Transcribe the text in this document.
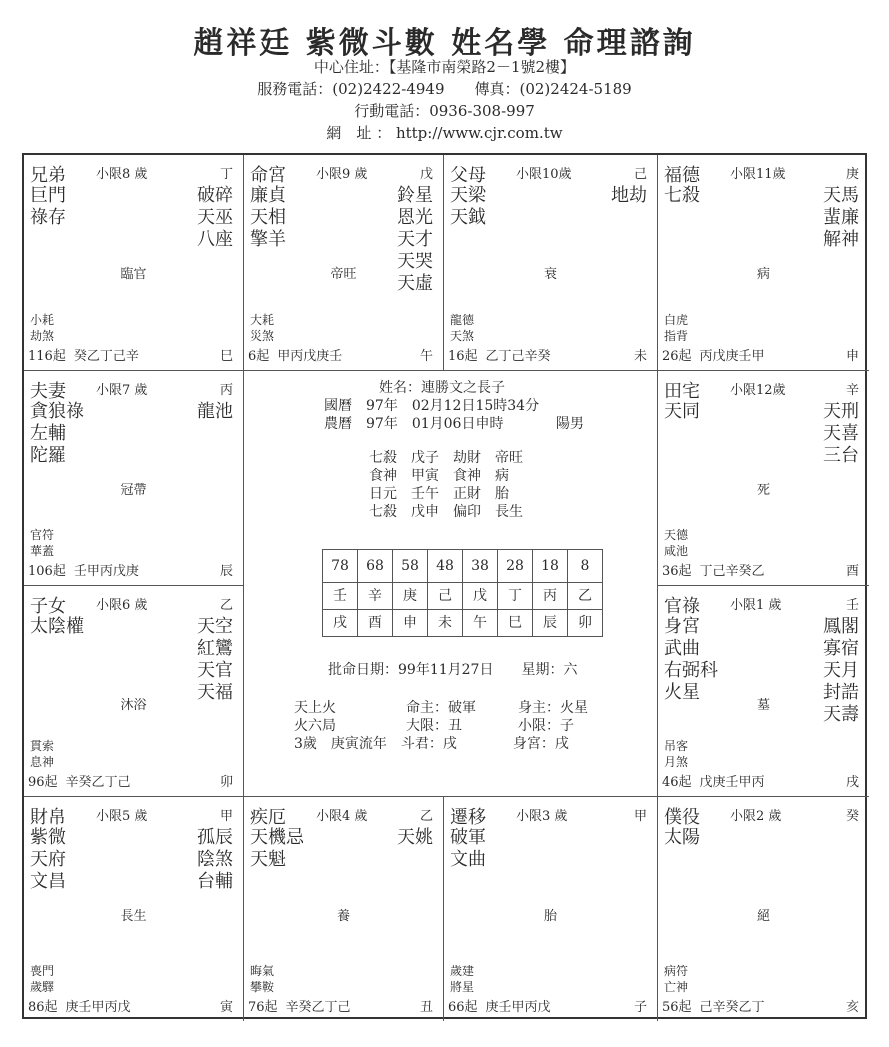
趙祥廷 紫微斗數 姓名學 命理諮詢
中心住址：【基隆市南榮路2－1號2樓】
服務電話：(02)2422-4949　　傳真：(02)2424-5189
行動電話：0936-308-997
網　址 ： http://www.cjr.com.tw
姓名：連勝文之長子
國曆　97年　02月12日15時34分
農曆　97年　01月06日申時	陽男
七殺 戊子 劫財 帝旺
食神 甲寅 食神 病
日元 壬午 正財 胎
七殺 戊申 偏印 長生
78	68	58	48	38	28	18	8
壬	辛	庚	己	戊	丁	丙	乙
戌	酉	申	未	午	巳	辰	卯
批命日期：99年11月27日　　星期：六
天上火　　　　　命主：破軍　　　身主：火星
火六局　　　　　大限：丑　　　　小限：子
3歲　庚寅流年　斗君：戌　　　　身宮：戌
兄弟 小限8 歲	丁
巨門
祿存
破碎
天巫
八座
臨官
小耗
劫煞
116起 癸乙丁己辛	巳
命宮 小限9 歲	戊
廉貞
天相
擎羊
鈴星
恩光
天才
天哭
天虛
帝旺
大耗
災煞
6起 甲丙戊庚壬	午
父母 小限10歲	己
天梁
天鉞
地劫
衰
龍德
天煞
16起 乙丁己辛癸	未
福德 小限11歲	庚
七殺	天馬
蜚廉
解神
病
白虎
指背
26起 丙戊庚壬甲	申
夫妻 小限7 歲	丙
貪狼祿
左輔
陀羅
龍池
冠帶
官符
華蓋
106起 壬甲丙戊庚	辰
田宅 小限12歲	辛
天同	天刑
天喜
三台
死
天德
咸池
36起 丁己辛癸乙	酉
子女 小限6 歲	乙
太陰權	天空
紅鸞
天官
天福
沐浴
貫索
息神
96起 辛癸乙丁己	卯
官祿 小限1 歲	壬
身宮
武曲
右弼科
火星
鳳閣
寡宿
天月
封誥
天壽
墓
吊客
月煞
46起 戊庚壬甲丙	戌
財帛 小限5 歲	甲
紫微
天府
文昌
孤辰
陰煞
台輔
長生
喪門
歲驛
86起 庚壬甲丙戊	寅
疾厄 小限4 歲	乙
天機忌
天魁
天姚
養
晦氣
攀鞍
76起 辛癸乙丁己	丑
遷移 小限3 歲	甲
破軍
文曲
胎
歲建
將星
66起 庚壬甲丙戊	子
僕役 小限2 歲	癸
太陽
絕
病符
亡神
56起 己辛癸乙丁	亥
